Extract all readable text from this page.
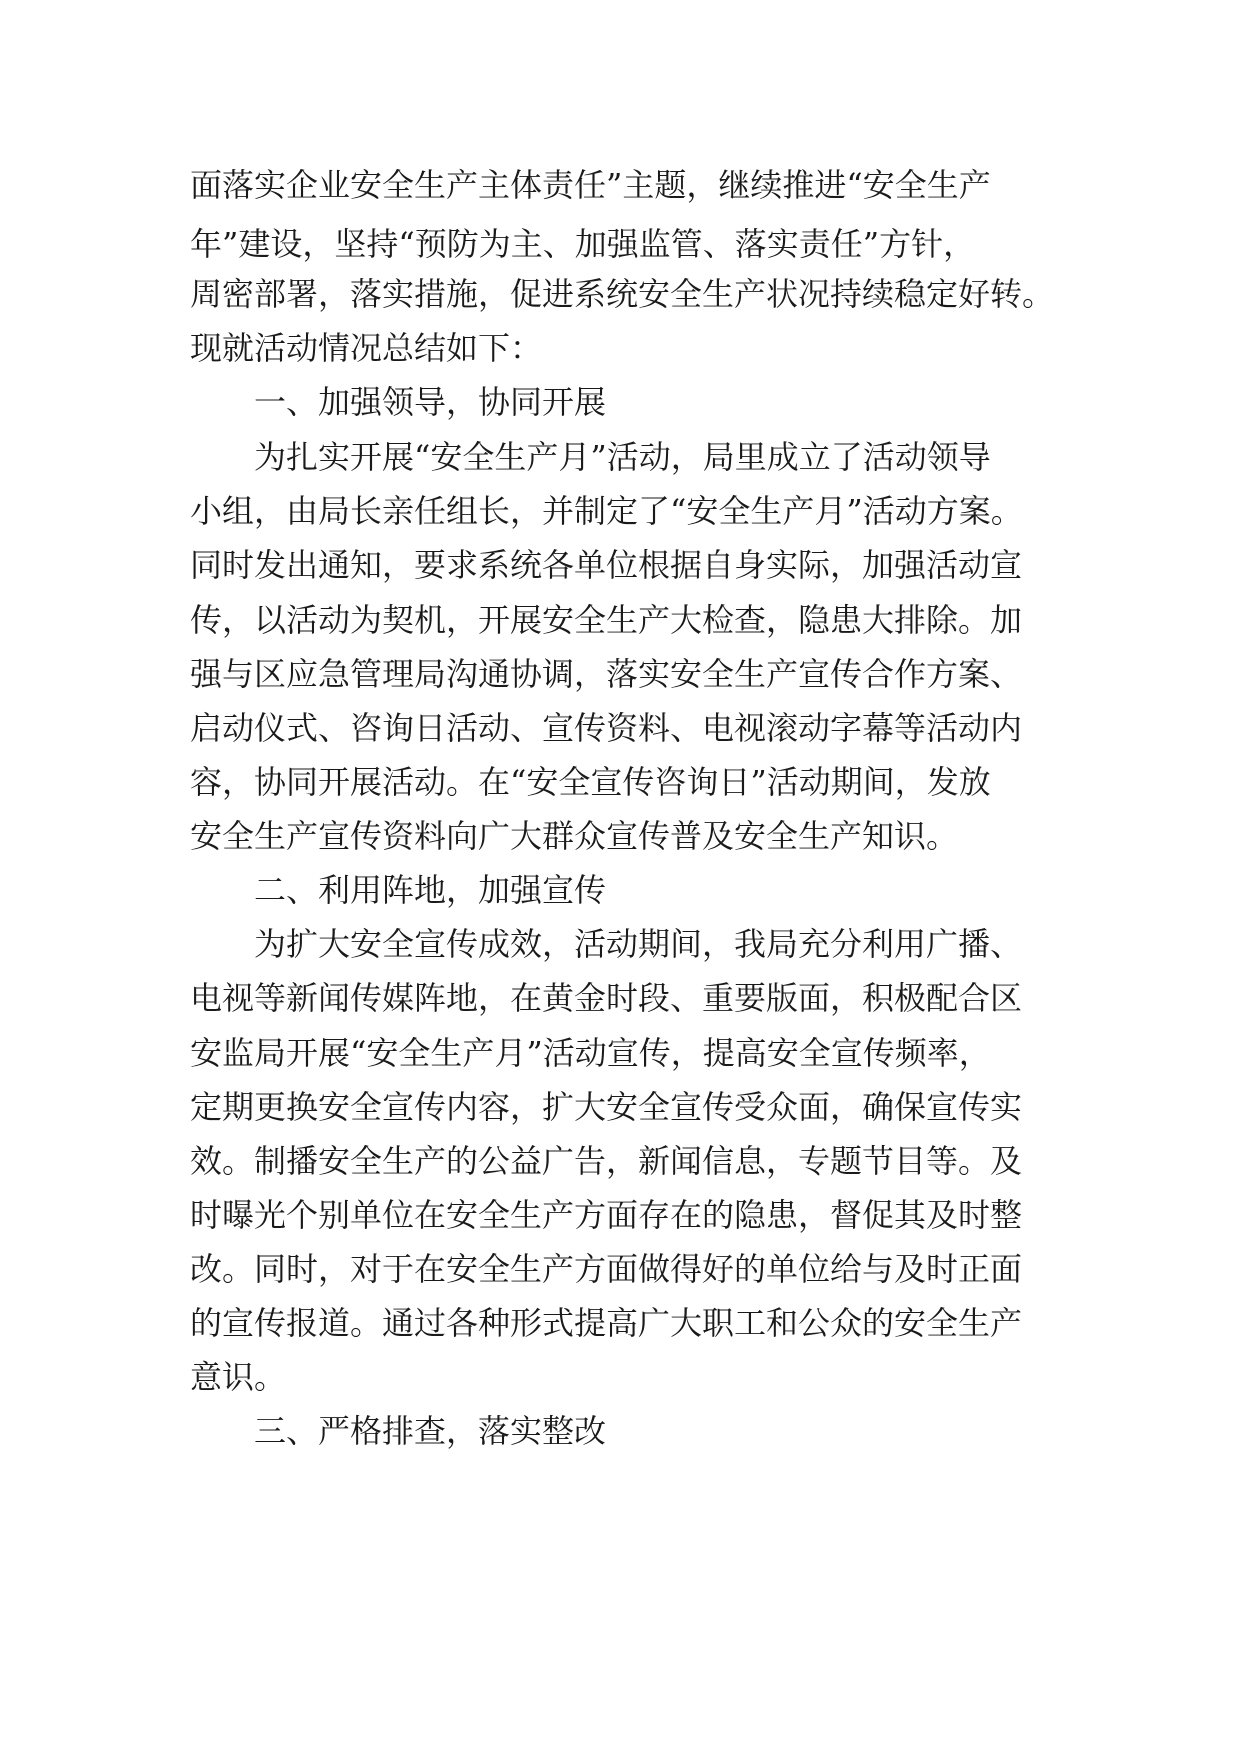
面落实企业安全生产主体责任”主题，继续推进“安全生产
年”建设，坚持“预防为主、加强监管、落实责任”方针，
周密部署，落实措施，促进系统安全生产状况持续稳定好转。
现就活动情况总结如下：
一、加强领导，协同开展
为扎实开展“安全生产月”活动，局里成立了活动领导
小组，由局长亲任组长，并制定了“安全生产月”活动方案。
同时发出通知，要求系统各单位根据自身实际，加强活动宣
传，以活动为契机，开展安全生产大检查，隐患大排除。加
强与区应急管理局沟通协调，落实安全生产宣传合作方案、
启动仪式、咨询日活动、宣传资料、电视滚动字幕等活动内
容，协同开展活动。在“安全宣传咨询日”活动期间，发放
安全生产宣传资料向广大群众宣传普及安全生产知识。
二、利用阵地，加强宣传
为扩大安全宣传成效，活动期间，我局充分利用广播、
电视等新闻传媒阵地，在黄金时段、重要版面，积极配合区
安监局开展“安全生产月”活动宣传，提高安全宣传频率，
定期更换安全宣传内容，扩大安全宣传受众面，确保宣传实
效。制播安全生产的公益广告，新闻信息，专题节目等。及
时曝光个别单位在安全生产方面存在的隐患，督促其及时整
改。同时，对于在安全生产方面做得好的单位给与及时正面
的宣传报道。通过各种形式提高广大职工和公众的安全生产
意识。
三、严格排查，落实整改
